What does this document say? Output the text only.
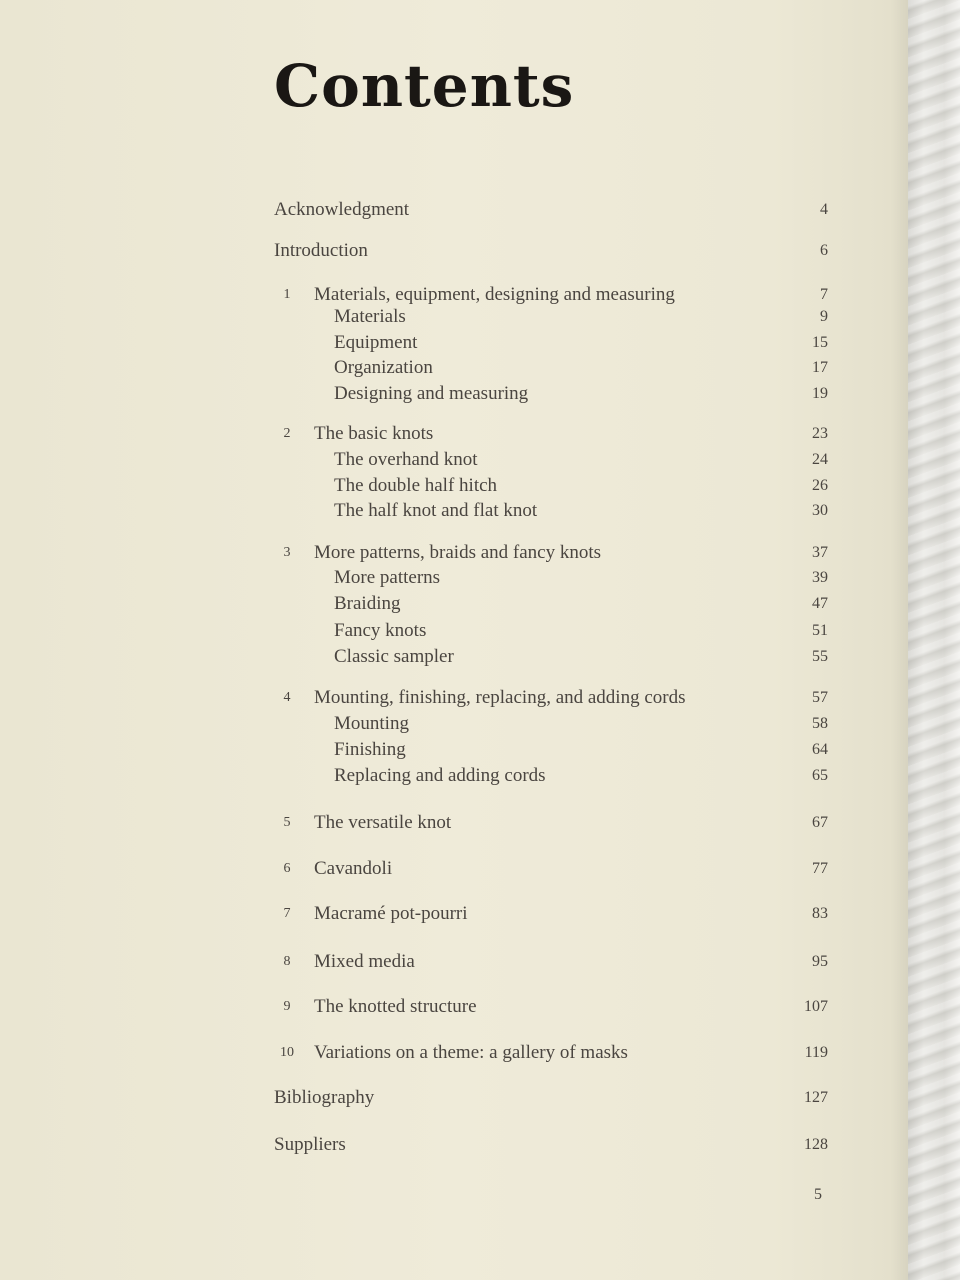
Contents
Acknowledgment	4
Introduction	6
1	Materials, equipment, designing and measuring	7
Materials	9
Equipment	15
Organization	17
Designing and measuring	19
2	The basic knots	23
The overhand knot	24
The double half hitch	26
The half knot and flat knot	30
3	More patterns, braids and fancy knots	37
More patterns	39
Braiding	47
Fancy knots	51
Classic sampler	55
4	Mounting, finishing, replacing, and adding cords	57
Mounting	58
Finishing	64
Replacing and adding cords	65
5	The versatile knot	67
6	Cavandoli	77
7	Macramé pot-pourri	83
8	Mixed media	95
9	The knotted structure	107
10	Variations on a theme: a gallery of masks	119
Bibliography	127
Suppliers	128
5
